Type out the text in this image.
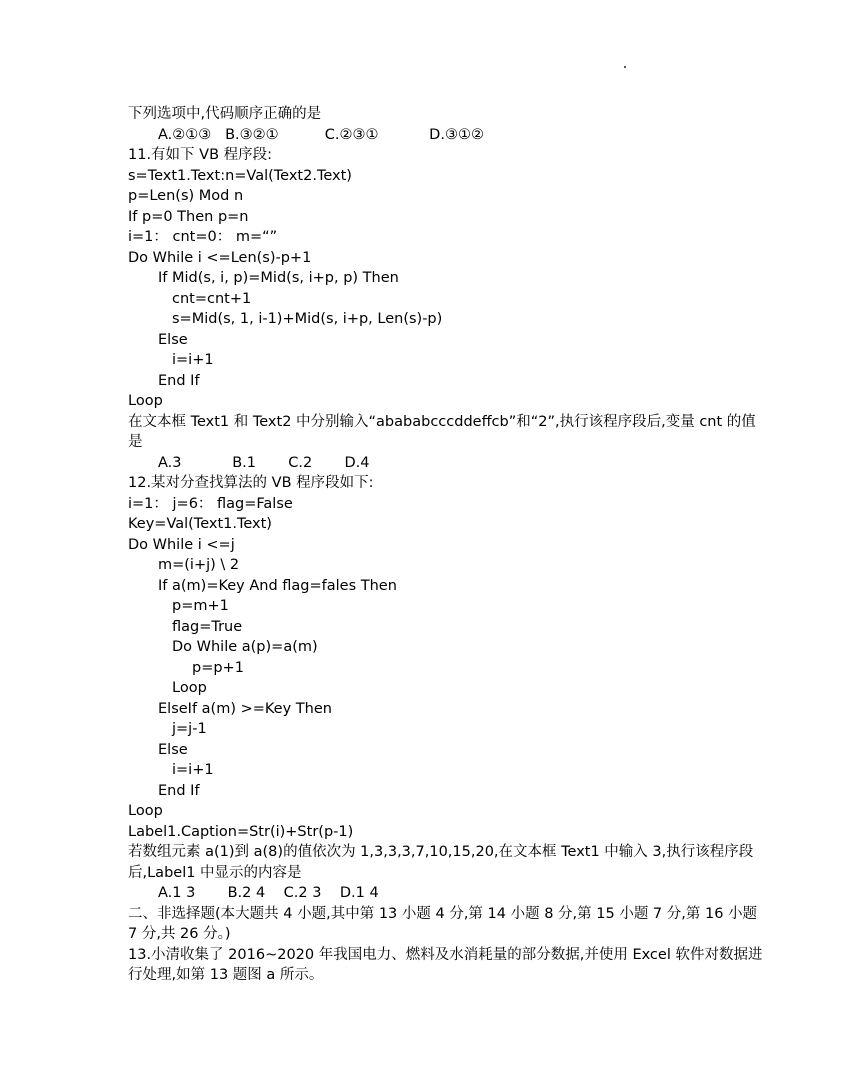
下列选项中,代码顺序正确的是
A.②①③   B.③②①          C.②③①           D.③①②
11.有如下 VB 程序段:
s=Text1.Text:n=Val(Text2.Text)
p=Len(s) Mod n
If p=0 Then p=n
i=1： cnt=0： m=“”
Do While i <=Len(s)-p+1
If Mid(s, i, p)=Mid(s, i+p, p) Then
cnt=cnt+1
s=Mid(s, 1, i-1)+Mid(s, i+p, Len(s)-p)
Else
i=i+1
End If
Loop
在文本框 Text1 和 Text2 中分别输入“abababcccddeffcb”和“2”,执行该程序段后,变量 cnt 的值是
A.3           B.1       C.2       D.4
12.某对分查找算法的 VB 程序段如下:
i=1： j=6： flag=False
Key=Val(Text1.Text)
Do While i <=j
m=(i+j) \ 2
If a(m)=Key And flag=fales Then
p=m+1
flag=True
Do While a(p)=a(m)
p=p+1
Loop
ElseIf a(m) >=Key Then
j=j-1
Else
i=i+1
End If
Loop
Label1.Caption=Str(i)+Str(p-1)
若数组元素 a(1)到 a(8)的值依次为 1,3,3,3,7,10,15,20,在文本框 Text1 中输入 3,执行该程序段后,Label1 中显示的内容是
A.1 3       B.2 4    C.2 3    D.1 4
二、非选择题(本大题共 4 小题,其中第 13 小题 4 分,第 14 小题 8 分,第 15 小题 7 分,第 16 小题 7 分,共 26 分。)
13.小清收集了 2016~2020 年我国电力、燃料及水消耗量的部分数据,并使用 Excel 软件对数据进行处理,如第 13 题图 a 所示。
